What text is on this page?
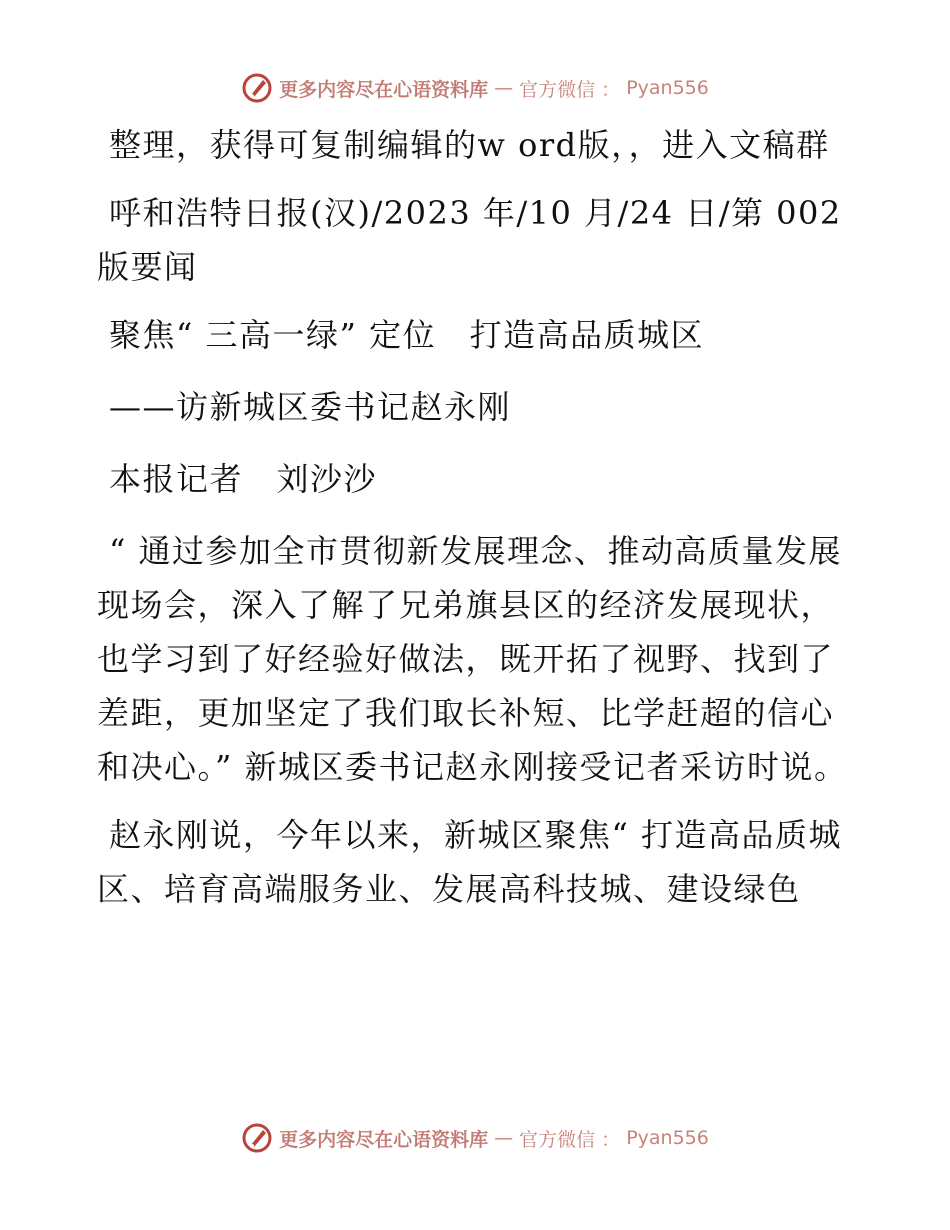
更多内容尽在心语资料库 — 官方微信 ： Pyan556

整理，获得可复制编辑的w ord版，，进入文稿群

呼和浩特日报(汉)/2023 年/10 月/24 日/第 002 版要闻

聚焦“ 三高一绿” 定位　打造高品质城区

——访新城区委书记赵永刚

本报记者　刘沙沙

“ 通过参加全市贯彻新发展理念、推动高质量发展现场会，深入了解了兄弟旗县区的经济发展现状，也学习到了好经验好做法，既开拓了视野、找到了差距，更加坚定了我们取长补短、比学赶超的信心和决心。” 新城区委书记赵永刚接受记者采访时说。

赵永刚说，今年以来，新城区聚焦“ 打造高品质城区、培育高端服务业、发展高科技城、建设绿色

更多内容尽在心语资料库 — 官方微信 ： Pyan556
